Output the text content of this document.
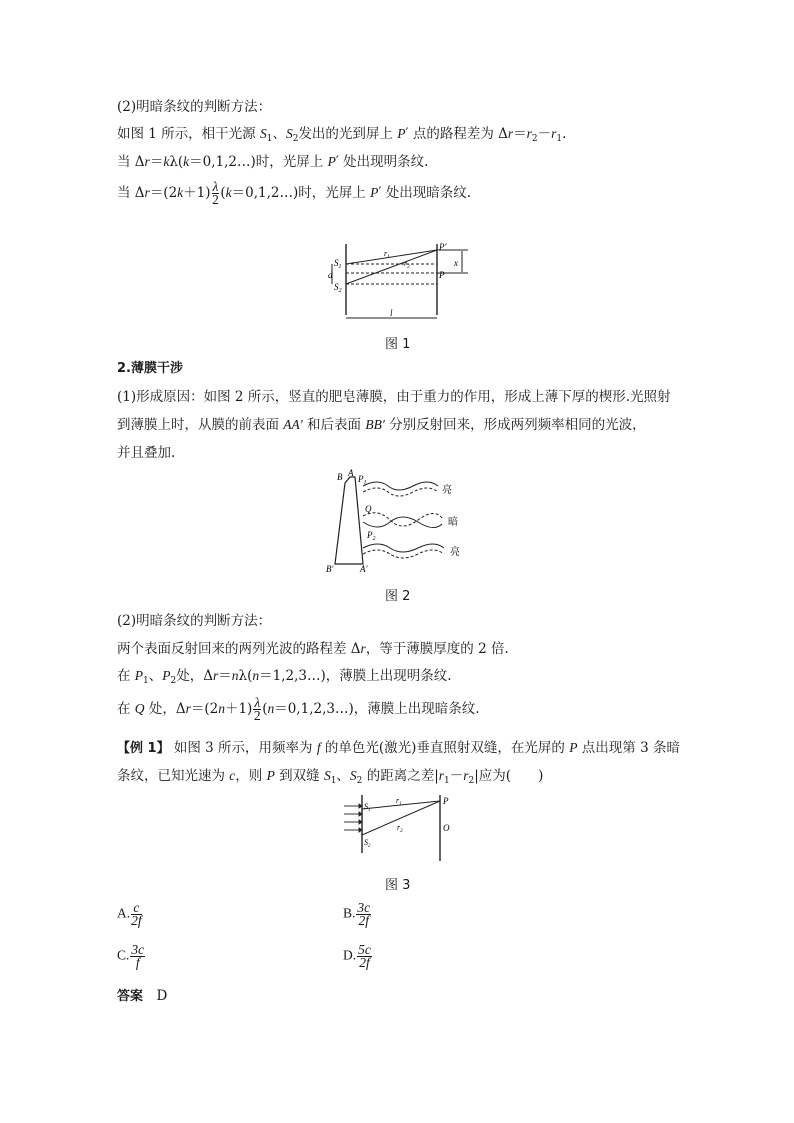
(2)明暗条纹的判断方法：
如图 1 所示，相干光源 $S_1$、$S_2$发出的光到屏上 P′ 点的路程差为 $\Delta r=r_2-r_1$.
当 Δr＝kλ(k＝0,1,2…)时，光屏上 P′ 处出现明条纹.
当 $\Delta r=(2k+1) \frac{\lambda}{2}$ (k＝0,1,2…)时，光屏上 P′ 处出现暗条纹.
$S_1$
d
$S_2$
$r_1$
$r_2$
P′
P
x
l
图 1
2.薄膜干涉
(1)形成原因：如图 2 所示，竖直的肥皂薄膜，由于重力的作用，形成上薄下厚的楔形.光照射
到薄膜上时，从膜的前表面 AA′ 和后表面 BB′ 分别反射回来，形成两列频率相同的光波，
并且叠加.
B A
$P_1$
Q
$P_2$
B′	A′
亮
暗
亮
图 2
(2)明暗条纹的判断方法：
两个表面反射回来的两列光波的路程差 Δr，等于薄膜厚度的 2 倍.
在 $P_1$、$P_2$处，Δr＝nλ(n＝1,2,3…)，薄膜上出现明条纹.
在 Q 处，$\Delta r=(2n+1) \frac{\lambda}{2}$ (n＝0,1,2,3…)，薄膜上出现暗条纹.
【例 1】 如图 3 所示，用频率为 f 的单色光(激光)垂直照射双缝，在光屏的 P 点出现第 3 条暗
条纹，已知光速为 c，则 P 到双缝 $S_1$、$S_2$ 的距离之差$|r_1-r_2|$应为(　　)
$S_1$
$S_2$
$r_1$
$r_2$
P
O
图 3
A. $\frac{c}{2f}$	B. $\frac{3c}{2f}$
C. $\frac{3c}{f}$	D. $\frac{5c}{2f}$
答案　 D
